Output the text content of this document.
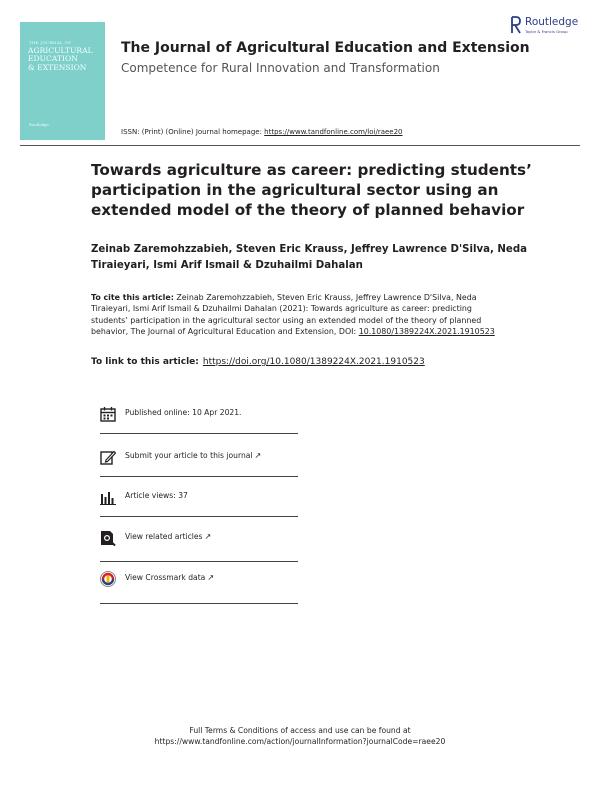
THE JOURNAL OF
AGRICULTURAL
EDUCATION
& EXTENSION
Routledge
The Journal of Agricultural Education and Extension
Competence for Rural Innovation and Transformation
ISSN: (Print) (Online) Journal homepage: https://www.tandfonline.com/loi/raee20
Routledge
Taylor & Francis Group
Towards agriculture as career: predicting students’ participation in the agricultural sector using an extended model of the theory of planned behavior
Zeinab Zaremohzzabieh, Steven Eric Krauss, Jeffrey Lawrence D'Silva, Neda Tiraieyari, Ismi Arif Ismail & Dzuhailmi Dahalan
To cite this article: Zeinab Zaremohzzabieh, Steven Eric Krauss, Jeffrey Lawrence D'Silva, Neda Tiraieyari, Ismi Arif Ismail & Dzuhailmi Dahalan (2021): Towards agriculture as career: predicting students’ participation in the agricultural sector using an extended model of the theory of planned behavior, The Journal of Agricultural Education and Extension, DOI: 10.1080/1389224X.2021.1910523
To link to this article: https://doi.org/10.1080/1389224X.2021.1910523
Published online: 10 Apr 2021.
Submit your article to this journal ↗
Article views: 37
View related articles ↗
View Crossmark data ↗
Full Terms & Conditions of access and use can be found at
https://www.tandfonline.com/action/journalInformation?journalCode=raee20
